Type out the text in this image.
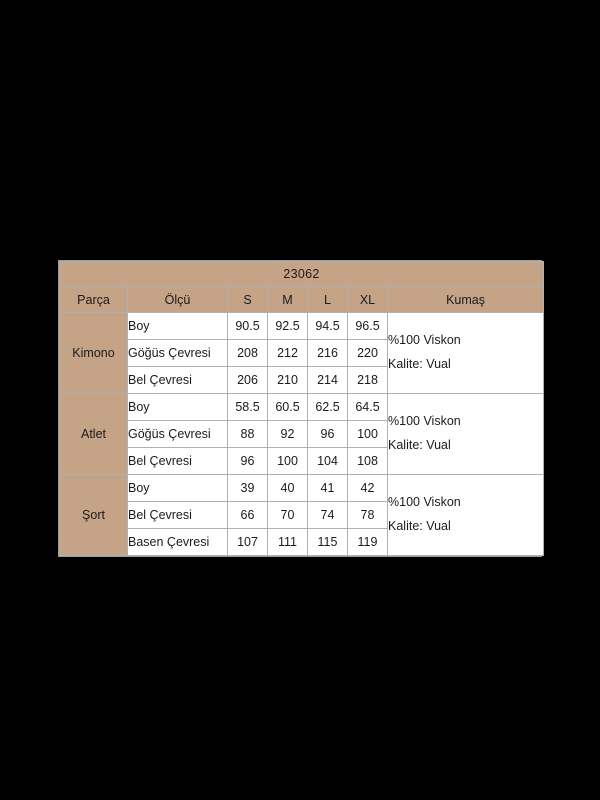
23062						
Parça	Ölçü	S	M	L	XL	Kumaş
Kimono	Boy	90.5	92.5	94.5	96.5	%100 Viskon
Kalite: Vual

	Göğüs Çevresi	208	212	216	220	
	Bel Çevresi	206	210	214	218	
Atlet	Boy	58.5	60.5	62.5	64.5	%100 Viskon
Kalite: Vual

	Göğüs Çevresi	88	92	96	100	
	Bel Çevresi	96	100	104	108	
Şort	Boy	39	40	41	42	%100 Viskon
Kalite: Vual

	Bel Çevresi	66	70	74	78	
	Basen Çevresi	107	111	115	119	
